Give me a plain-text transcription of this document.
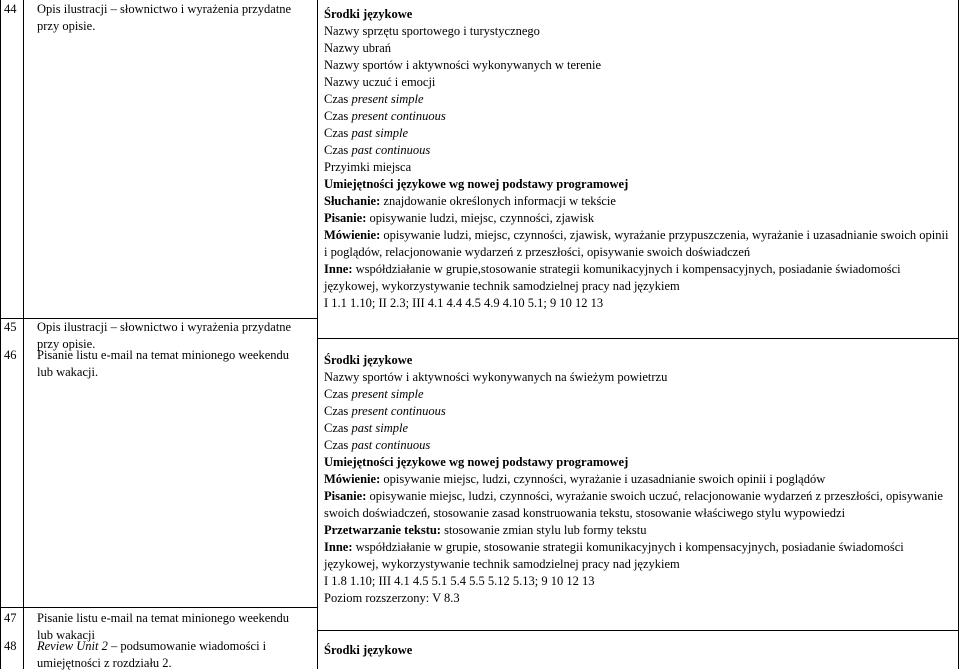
44 Opis ilustracji – słownictwo i wyrażenia przydatne przy opisie.
45 Opis ilustracji – słownictwo i wyrażenia przydatne przy opisie.
46 Pisanie listu e-mail na temat minionego weekendu lub wakacji.
47 Pisanie listu e-mail na temat minionego weekendu lub wakacji
48 Review Unit 2 – podsumowanie wiadomości i umiejętności z rozdziału 2.
Środki językowe
Nazwy sprzętu sportowego i turystycznego
Nazwy ubrań
Nazwy sportów i aktywności wykonywanych w terenie
Nazwy uczuć i emocji
Czas present simple
Czas present continuous
Czas past simple
Czas past continuous
Przyimki miejsca
Umiejętności językowe wg nowej podstawy programowej
Słuchanie: znajdowanie określonych informacji w tekście
Pisanie: opisywanie ludzi, miejsc, czynności, zjawisk
Mówienie: opisywanie ludzi, miejsc, czynności, zjawisk, wyrażanie przypuszczenia, wyrażanie i uzasadnianie swoich opinii i poglądów, relacjonowanie wydarzeń z przeszłości, opisywanie swoich doświadczeń
Inne: współdziałanie w grupie,stosowanie strategii komunikacyjnych i kompensacyjnych, posiadanie świadomości językowej, wykorzystywanie technik samodzielnej pracy nad językiem
I 1.1 1.10; II 2.3; III 4.1 4.4 4.5 4.9 4.10 5.1; 9 10 12 13
Środki językowe
Nazwy sportów i aktywności wykonywanych na świeżym powietrzu
Czas present simple
Czas present continuous
Czas past simple
Czas past continuous
Umiejętności językowe wg nowej podstawy programowej
Mówienie: opisywanie miejsc, ludzi, czynności, wyrażanie i uzasadnianie swoich opinii i poglądów
Pisanie: opisywanie miejsc, ludzi, czynności, wyrażanie swoich uczuć, relacjonowanie wydarzeń z przeszłości, opisywanie swoich doświadczeń, stosowanie zasad konstruowania tekstu, stosowanie właściwego stylu wypowiedzi
Przetwarzanie tekstu: stosowanie zmian stylu lub formy tekstu
Inne: współdziałanie w grupie, stosowanie strategii komunikacyjnych i kompensacyjnych, posiadanie świadomości językowej, wykorzystywanie technik samodzielnej pracy nad językiem
I 1.8 1.10; III 4.1 4.5 5.1 5.4 5.5 5.12 5.13; 9 10 12 13
Poziom rozszerzony: V 8.3
Środki językowe
